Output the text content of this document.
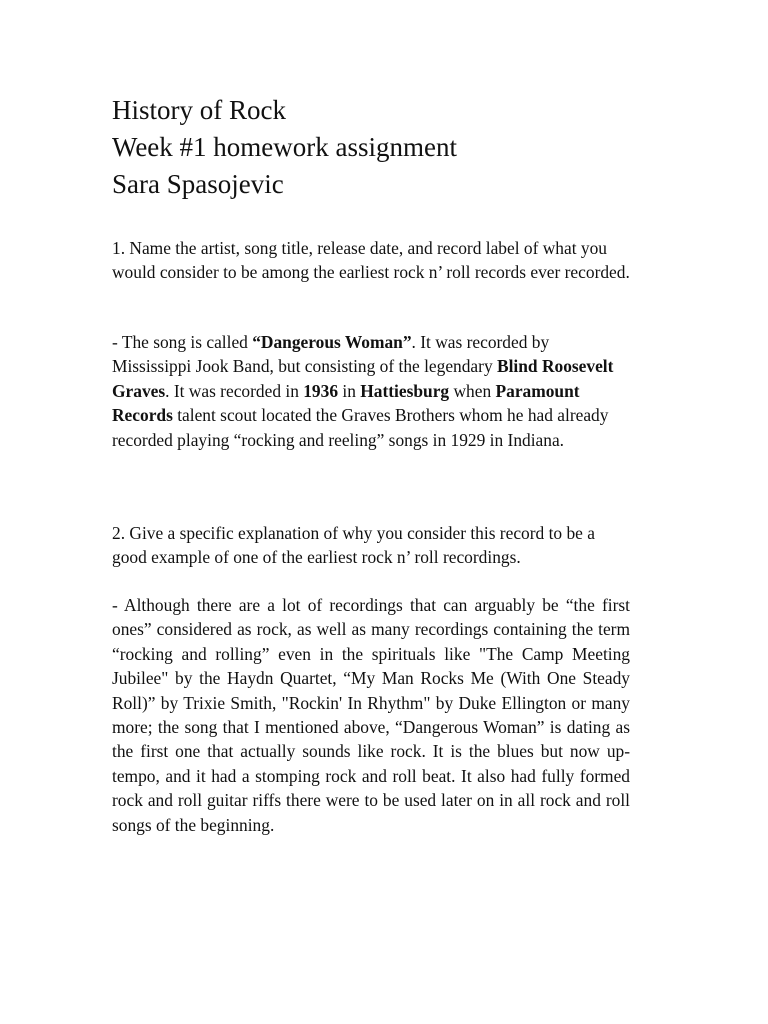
History of Rock
Week #1 homework assignment
Sara Spasojevic
1. Name the artist, song title, release date, and record label of what you would consider to be among the earliest rock n’ roll records ever recorded.
- The song is called “Dangerous Woman”. It was recorded by Mississippi Jook Band, but consisting of the legendary Blind Roosevelt Graves. It was recorded in 1936 in Hattiesburg when Paramount Records talent scout located the Graves Brothers whom he had already recorded playing “rocking and reeling” songs in 1929 in Indiana.
2. Give a specific explanation of why you consider this record to be a good example of one of the earliest rock n’ roll recordings.
- Although there are a lot of recordings that can arguably be “the first ones” considered as rock, as well as many recordings containing the term “rocking and rolling” even in the spirituals like "The Camp Meeting Jubilee" by the Haydn Quartet, “My Man Rocks Me (With One Steady Roll)” by Trixie Smith, "Rockin' In Rhythm" by Duke Ellington or many more; the song that I mentioned above, “Dangerous Woman” is dating as the first one that actually sounds like rock. It is the blues but now up-tempo, and it had a stomping rock and roll beat. It also had fully formed rock and roll guitar riffs there were to be used later on in all rock and roll songs of the beginning.
